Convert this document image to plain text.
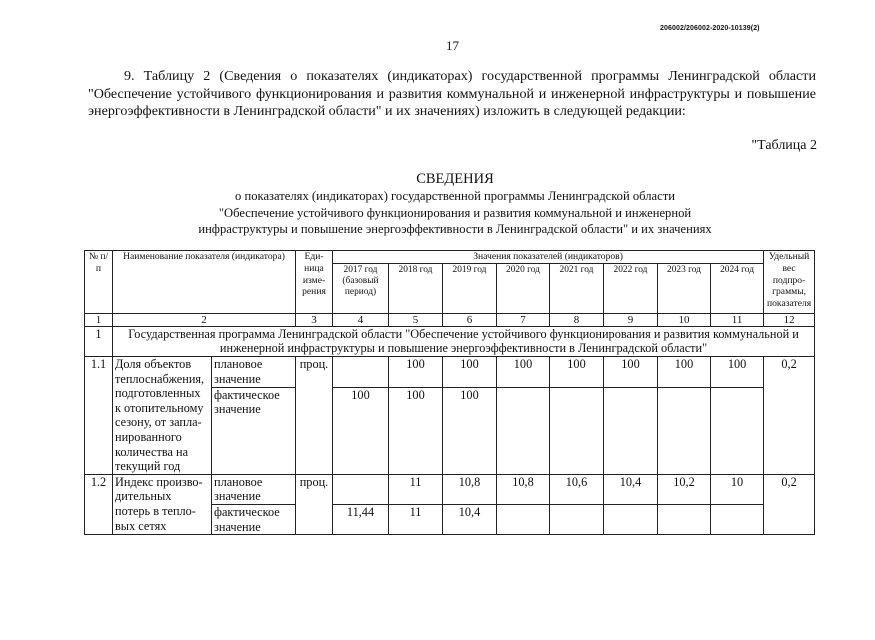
206002/206002-2020-10139(2)
17

9. Таблицу 2 (Сведения о показателях (индикаторах) государственной программы Ленинградской области "Обеспечение устойчивого функционирования и развития коммунальной и инженерной инфраструктуры и повышение энергоэффективности в Ленинградской области" и их значениях) изложить в следующей редакции:

"Таблица 2
СВЕДЕНИЯ
о показателях (индикаторах) государственной программы Ленинградской области
"Обеспечение устойчивого функционирования и развития коммунальной и инженерной
инфраструктуры и повышение энергоэффективности в Ленинградской области" и их значениях
№ п/п	Наименование показателя (индикатора)		Еди-ница изме-рения	Значения показателей (индикаторов)								Удельный вес подпро-граммы, показателя
				2017 год (базовый период)	2018 год	2019 год	2020 год	2021 год	2022 год	2023 год	2024 год	
1	2		3	4	5	6	7	8	9	10	11	12
1	Государственная программа Ленинградской области "Обеспечение устойчивого функционирования и развития коммунальной и инженерной инфраструктуры и повышение энергоэффективности в Ленинградской области"											
1.1	Доля объектов теплоснабжения, подготовленных к отопительному сезону, от запла-нированного количества на текущий год	плановое значение	проц.		100	100	100	100	100	100	100	0,2
		фактическое значение		100	100	100						
1.2	Индекс произво-дительных потерь в тепло-вых сетях	плановое значение	проц.		11	10,8	10,8	10,6	10,4	10,2	10	0,2
		фактическое значение		11,44	11	10,4						
